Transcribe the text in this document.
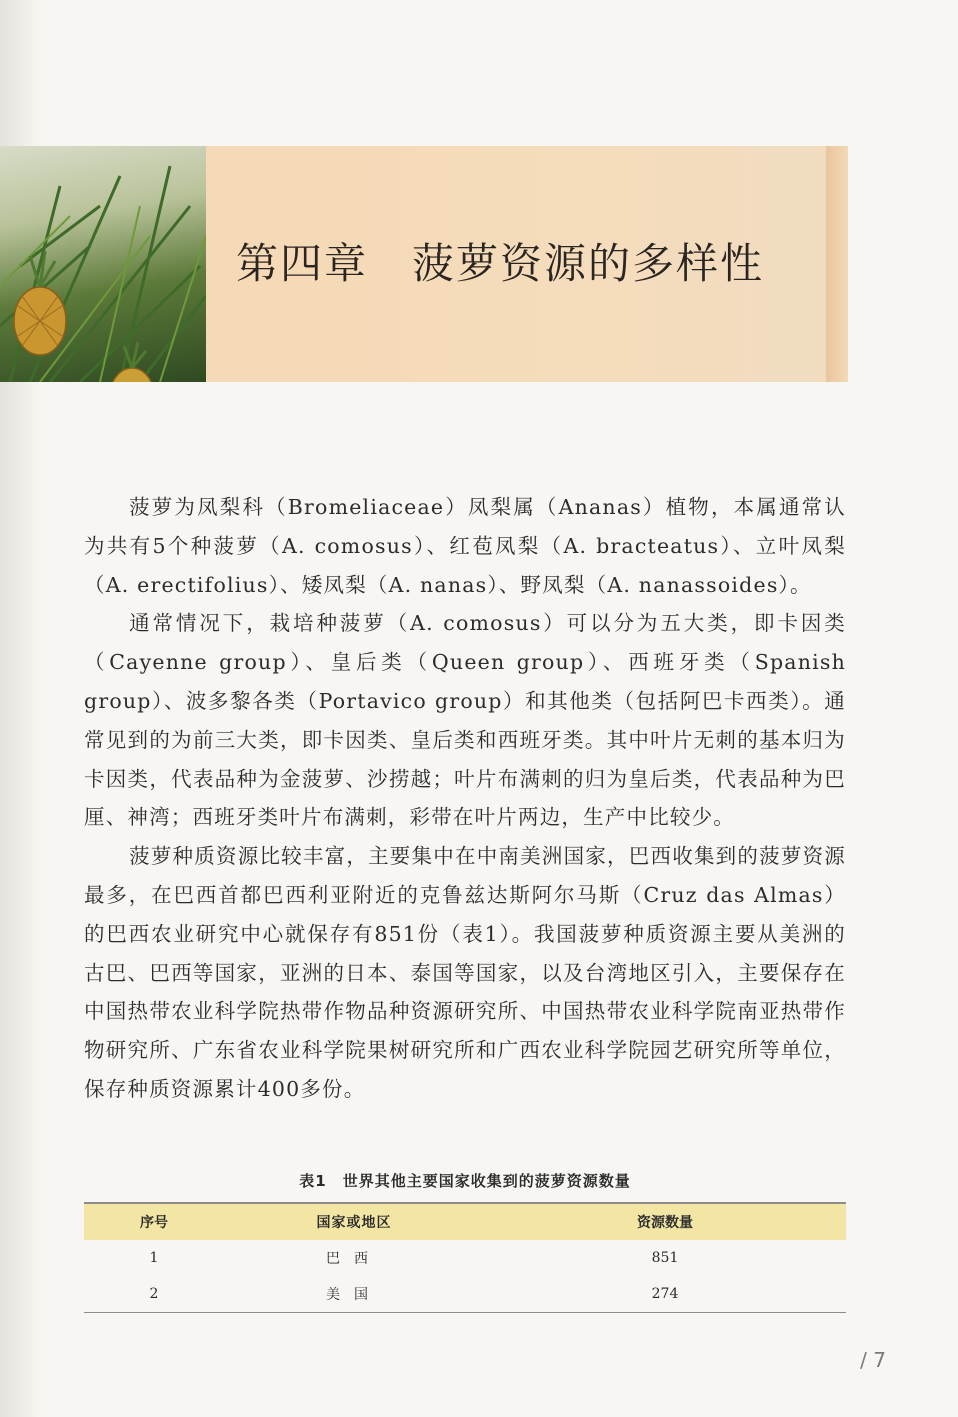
第四章　菠萝资源的多样性

菠萝为凤梨科（Bromeliaceae）凤梨属（Ananas）植物，本属通常认为共有5个种菠萝（A. comosus）、红苞凤梨（A. bracteatus）、立叶凤梨（A. erectifolius）、矮凤梨（A. nanas）、野凤梨（A. nanassoides）。

通常情况下，栽培种菠萝（A. comosus）可以分为五大类，即卡因类（Cayenne group）、皇后类（Queen group）、西班牙类（Spanish group）、波多黎各类（Portavico group）和其他类（包括阿巴卡西类）。通常见到的为前三大类，即卡因类、皇后类和西班牙类。其中叶片无刺的基本归为卡因类，代表品种为金菠萝、沙捞越；叶片布满刺的归为皇后类，代表品种为巴厘、神湾；西班牙类叶片布满刺，彩带在叶片两边，生产中比较少。

菠萝种质资源比较丰富，主要集中在中南美洲国家，巴西收集到的菠萝资源最多，在巴西首都巴西利亚附近的克鲁兹达斯阿尔马斯（Cruz das Almas）的巴西农业研究中心就保存有851份（表1）。我国菠萝种质资源主要从美洲的古巴、巴西等国家，亚洲的日本、泰国等国家，以及台湾地区引入，主要保存在中国热带农业科学院热带作物品种资源研究所、中国热带农业科学院南亚热带作物研究所、广东省农业科学院果树研究所和广西农业科学院园艺研究所等单位，保存种质资源累计400多份。

表1　世界其他主要国家收集到的菠萝资源数量
序号	国家或地区	资源数量
1	巴西	851
2	美国	274
/ 7
